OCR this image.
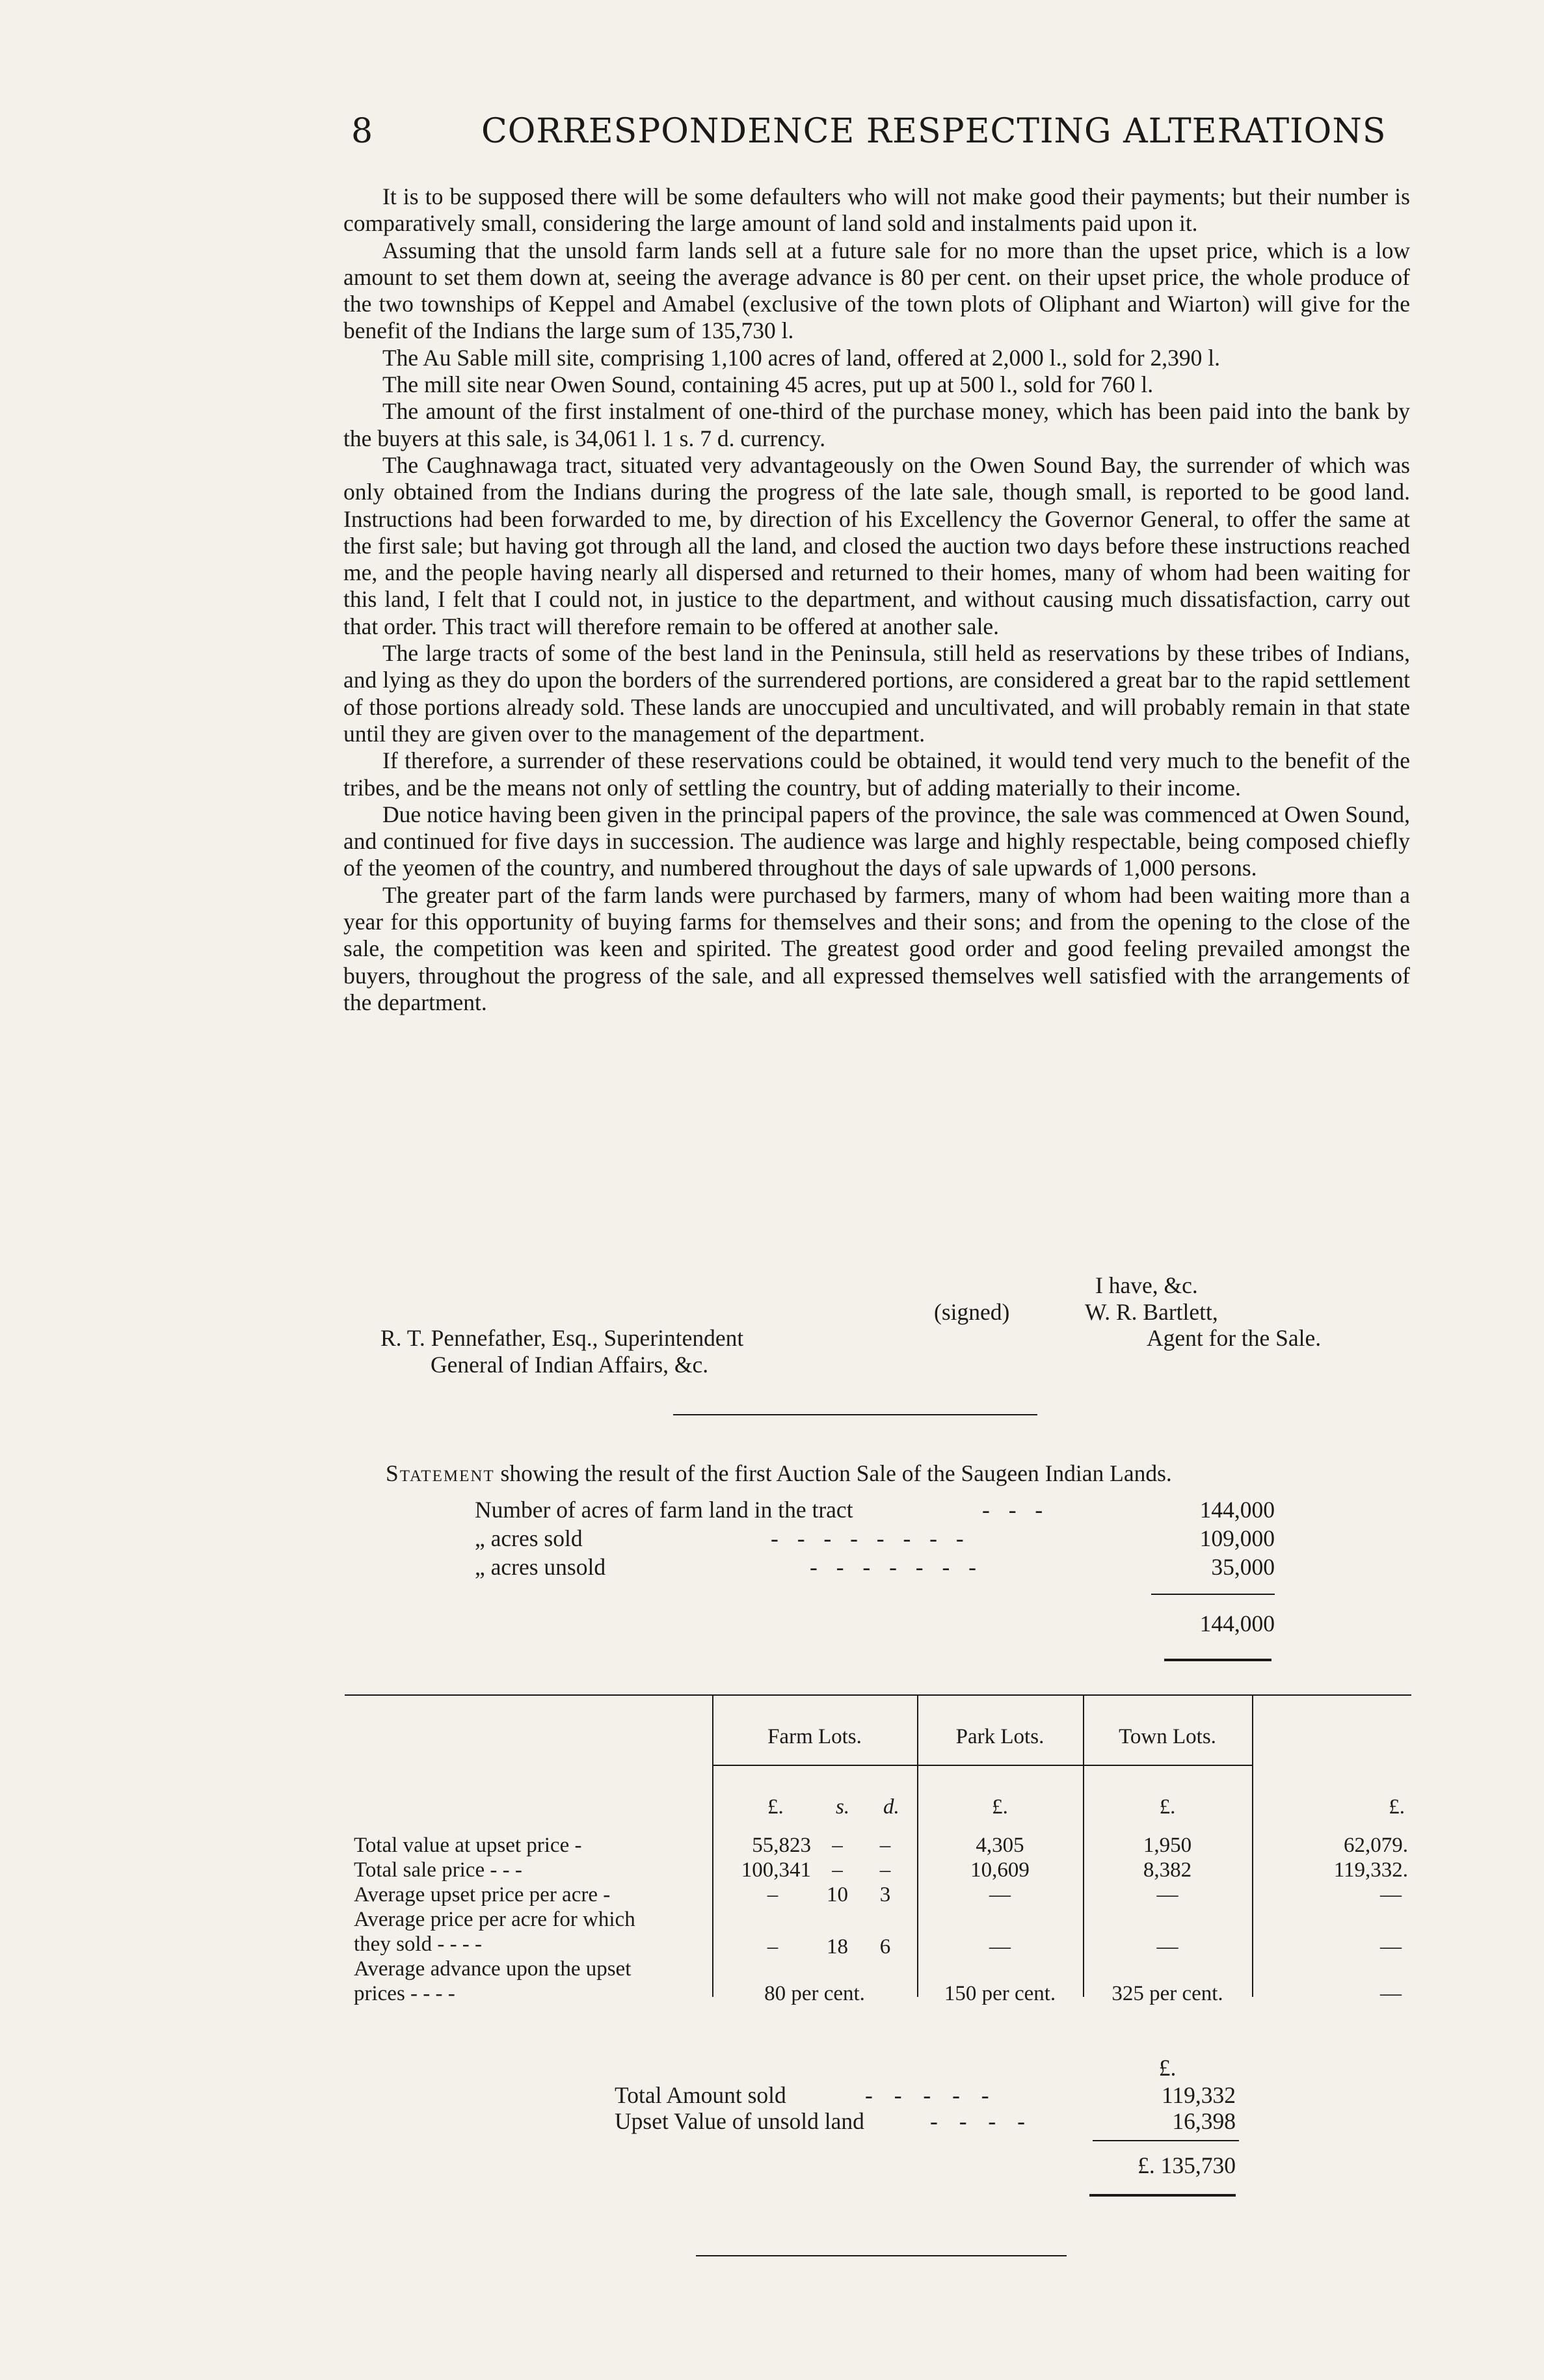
8	CORRESPONDENCE RESPECTING ALTERATIONS

It is to be supposed there will be some defaulters who will not make good their payments; but their number is comparatively small, considering the large amount of land sold and instalments paid upon it.

Assuming that the unsold farm lands sell at a future sale for no more than the upset price, which is a low amount to set them down at, seeing the average advance is 80 per cent. on their upset price, the whole produce of the two townships of Keppel and Amabel (exclusive of the town plots of Oliphant and Wiarton) will give for the benefit of the Indians the large sum of 135,730 l.

The Au Sable mill site, comprising 1,100 acres of land, offered at 2,000 l., sold for 2,390 l.

The mill site near Owen Sound, containing 45 acres, put up at 500 l., sold for 760 l.

The amount of the first instalment of one-third of the purchase money, which has been paid into the bank by the buyers at this sale, is 34,061 l. 1 s. 7 d. currency.

The Caughnawaga tract, situated very advantageously on the Owen Sound Bay, the surrender of which was only obtained from the Indians during the progress of the late sale, though small, is reported to be good land. Instructions had been forwarded to me, by direction of his Excellency the Governor General, to offer the same at the first sale; but having got through all the land, and closed the auction two days before these instructions reached me, and the people having nearly all dispersed and returned to their homes, many of whom had been waiting for this land, I felt that I could not, in justice to the department, and without causing much dissatisfaction, carry out that order. This tract will therefore remain to be offered at another sale.

The large tracts of some of the best land in the Peninsula, still held as reservations by these tribes of Indians, and lying as they do upon the borders of the surrendered portions, are considered a great bar to the rapid settlement of those portions already sold. These lands are unoccupied and uncultivated, and will probably remain in that state until they are given over to the management of the department.

If therefore, a surrender of these reservations could be obtained, it would tend very much to the benefit of the tribes, and be the means not only of settling the country, but of adding materially to their income.

Due notice having been given in the principal papers of the province, the sale was commenced at Owen Sound, and continued for five days in succession. The audience was large and highly respectable, being composed chiefly of the yeomen of the country, and numbered throughout the days of sale upwards of 1,000 persons.

The greater part of the farm lands were purchased by farmers, many of whom had been waiting more than a year for this opportunity of buying farms for themselves and their sons; and from the opening to the close of the sale, the competition was keen and spirited. The greatest good order and good feeling prevailed amongst the buyers, throughout the progress of the sale, and all expressed themselves well satisfied with the arrangements of the department.

I have, &c.
(signed)	W. R. Bartlett,
R. T. Pennefather, Esq., Superintendent	Agent for the Sale.
General of Indian Affairs, &c.
Statement showing the result of the first Auction Sale of the Saugeen Indian Lands.
Number of acres of farm land in the tract	- - -	144,000
„ acres sold	- - - - - - - -	109,000
„ acres unsold	- - - - - - -	35,000
144,000
Farm Lots.	Park Lots.	Town Lots.
£. s. d.	£.	£.	£.
Total value at upset price -	55,823 –	–	4,305	1,950	62,079.
Total sale price - - -	100,341 –	–	10,609	8,382	119,332.
Average upset price per acre -	–	10	3	—	—	—
Average price per acre for which
they sold - - - -	–	18	6	—	—	—
Average advance upon the upset
prices - - - -	80 per cent.	150 per cent.	325 per cent.	—
£.
Total Amount sold	- - - - -	119,332
Upset Value of unsold land	- - - -	16,398
£. 135,730
